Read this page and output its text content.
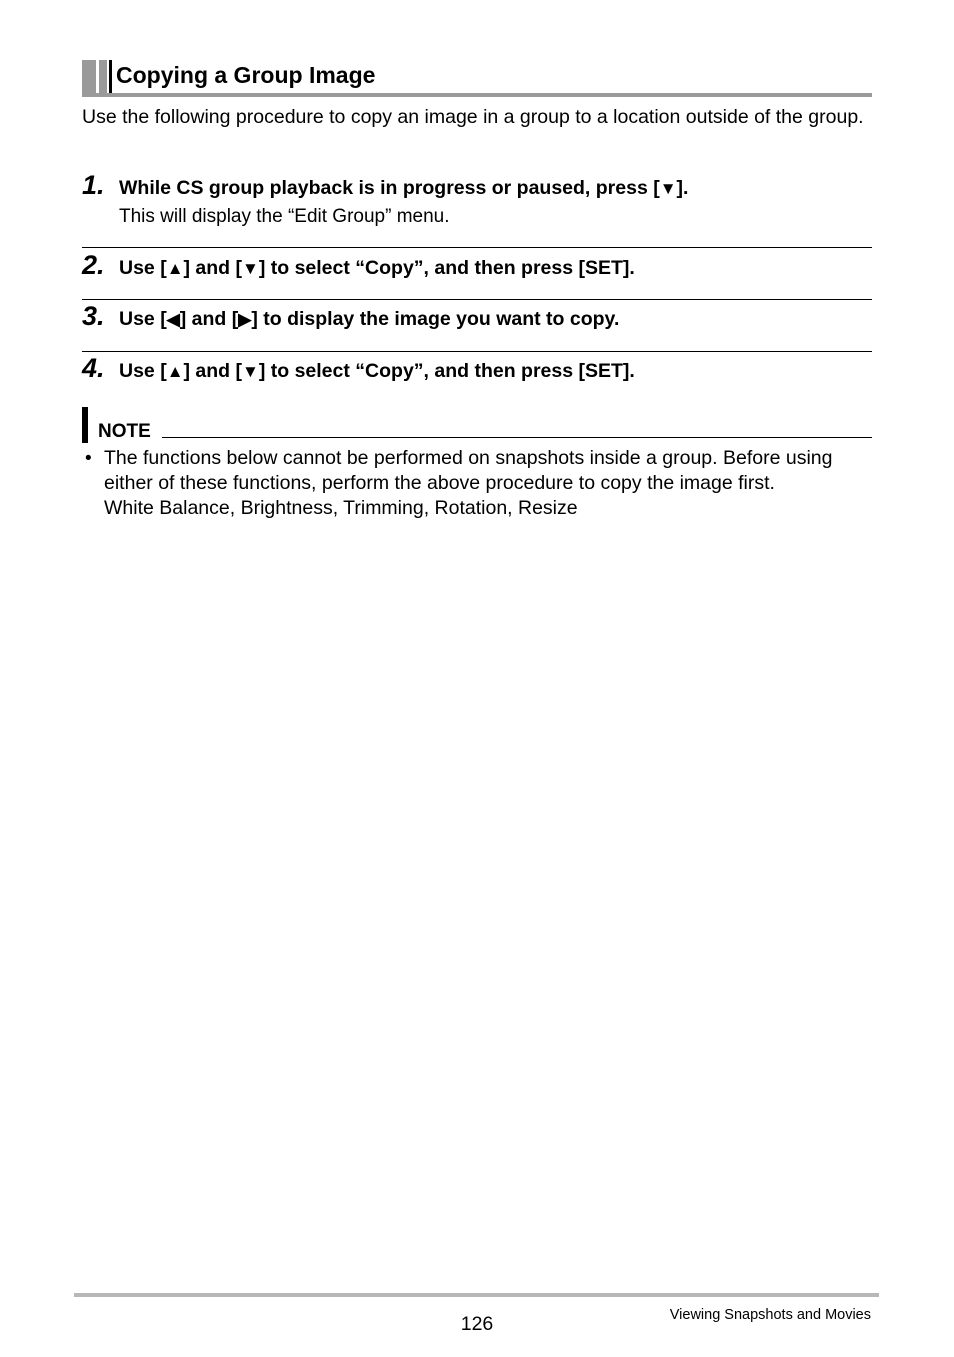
Copying a Group Image
Use the following procedure to copy an image in a group to a location outside of the group.
1. While CS group playback is in progress or paused, press [▼].
This will display the “Edit Group” menu.
2. Use [▲] and [▼] to select “Copy”, and then press [SET].
3. Use [◀] and [▶] to display the image you want to copy.
4. Use [▲] and [▼] to select “Copy”, and then press [SET].
NOTE
• The functions below cannot be performed on snapshots inside a group. Before using either of these functions, perform the above procedure to copy the image first.
White Balance, Brightness, Trimming, Rotation, Resize
126	Viewing Snapshots and Movies
